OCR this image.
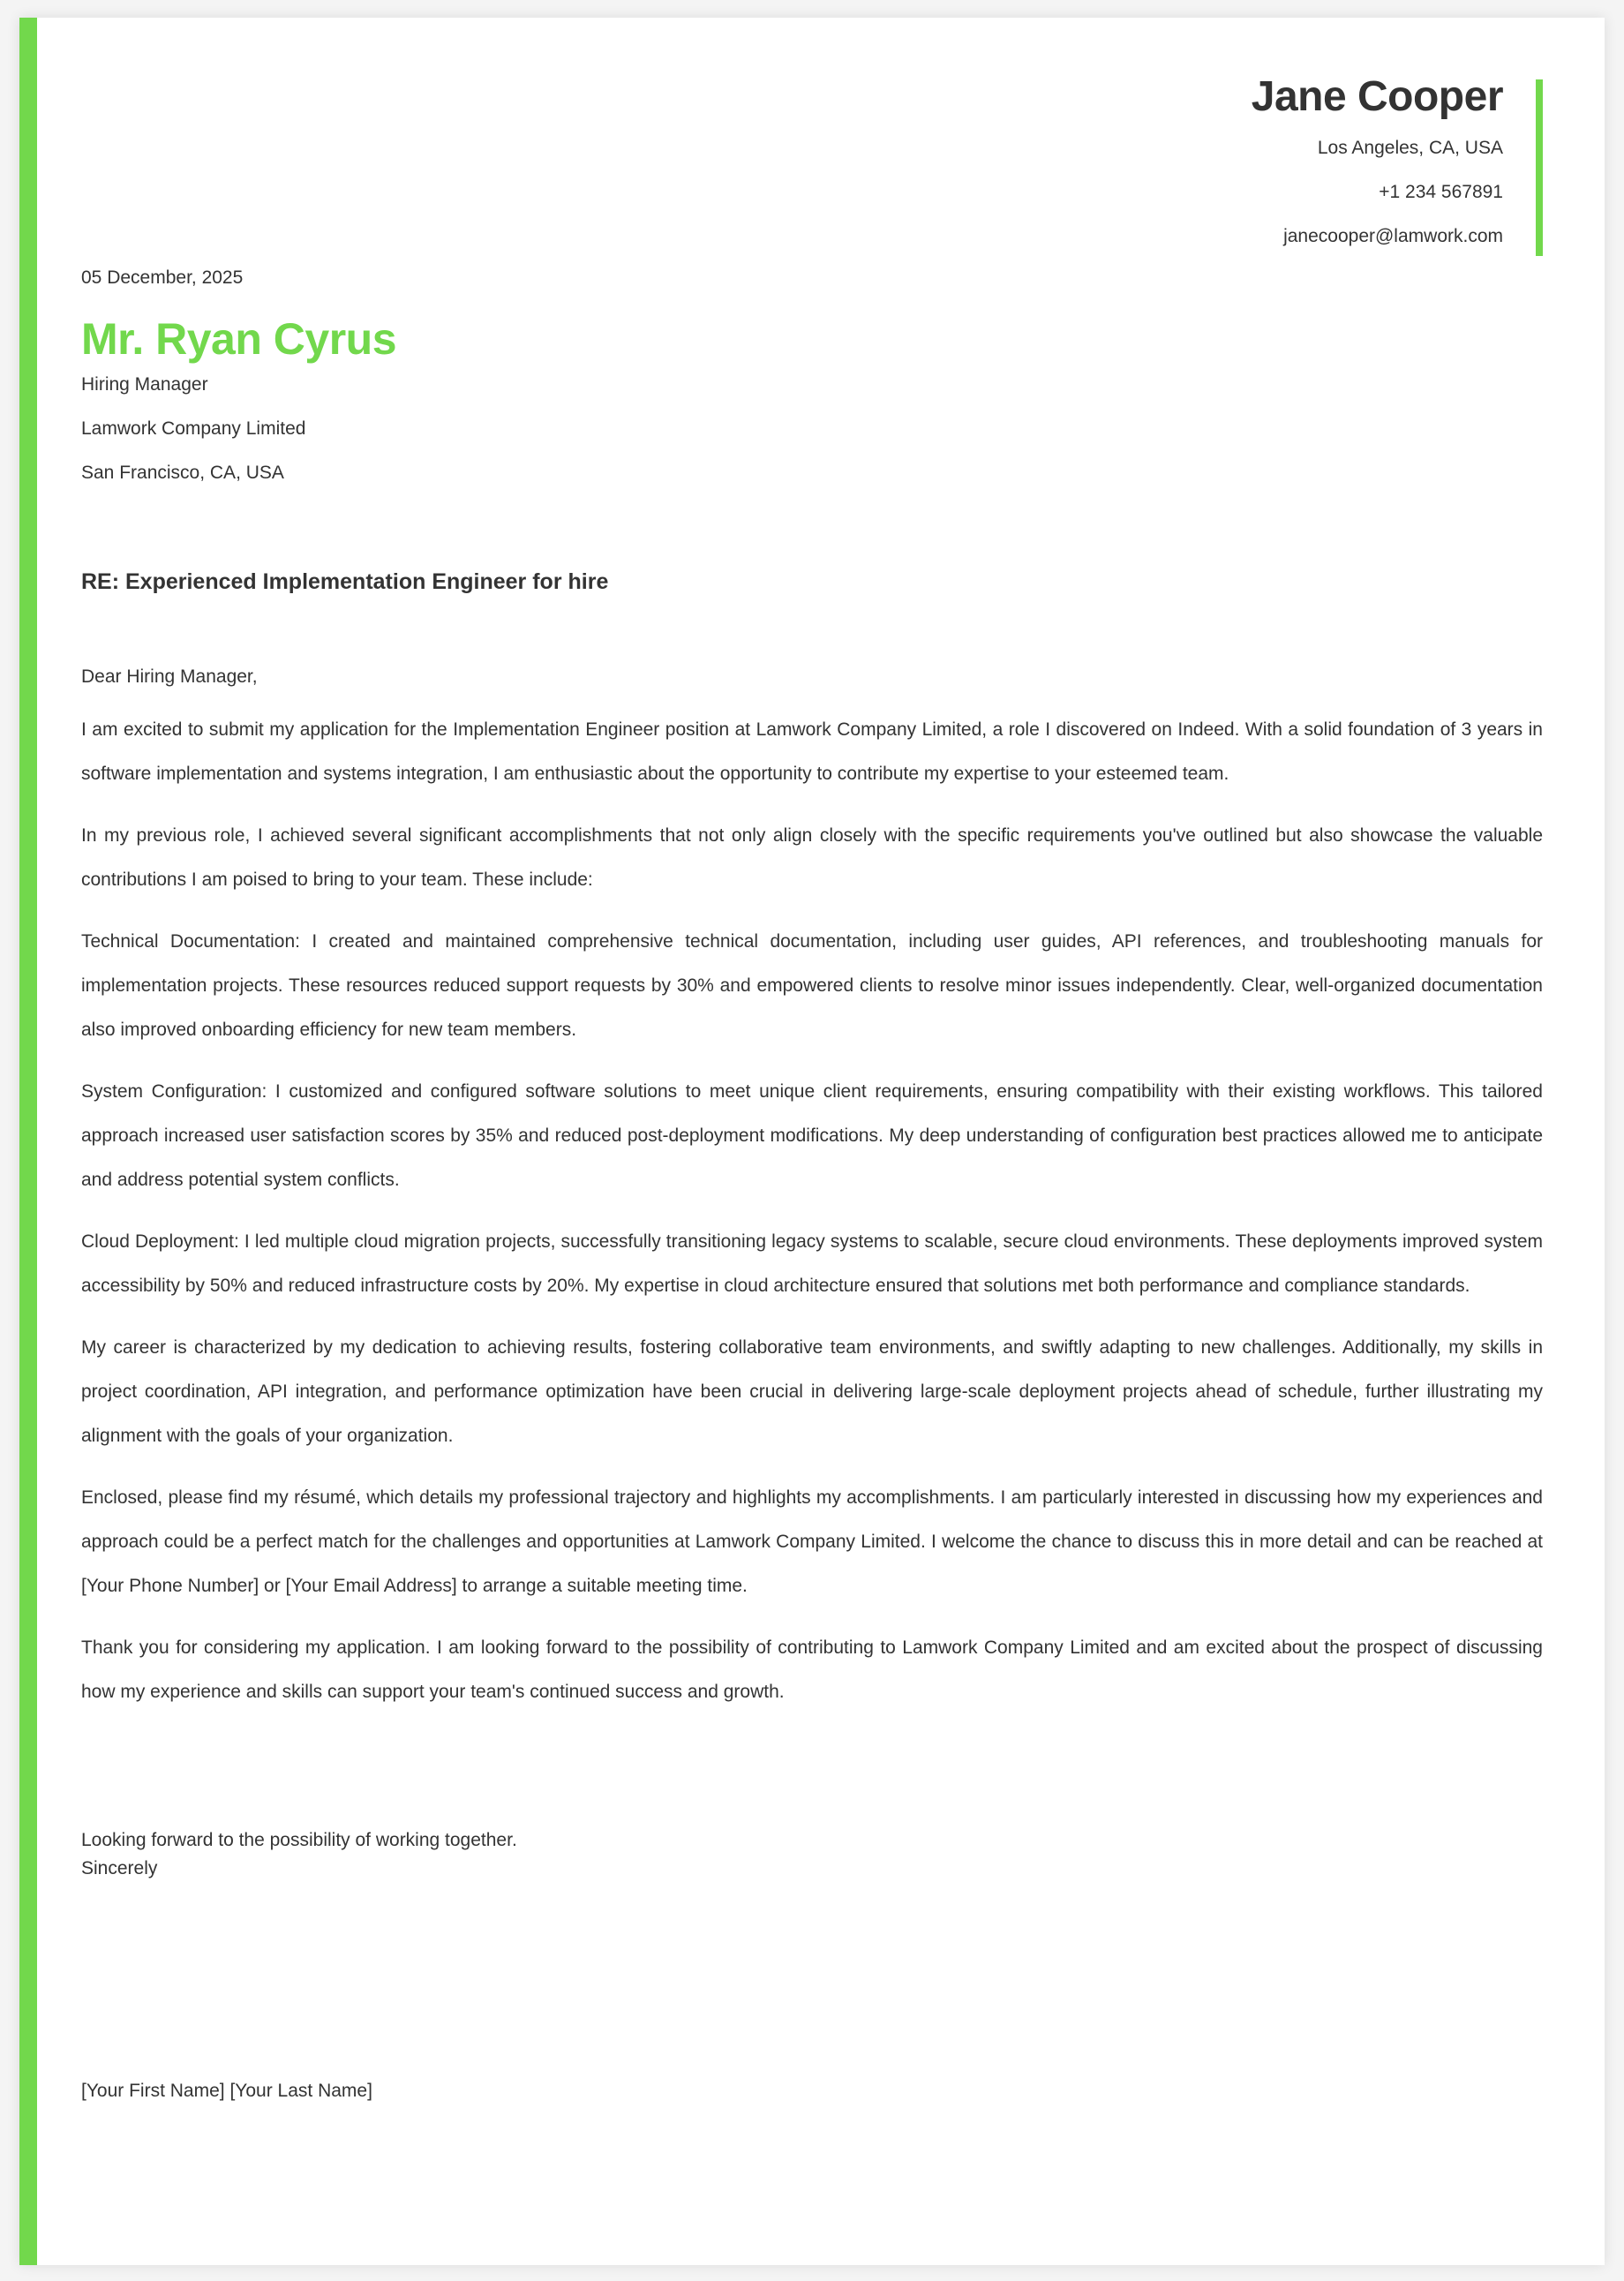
Jane Cooper
Los Angeles, CA, USA
+1 234 567891
janecooper@lamwork.com
05 December, 2025
Mr. Ryan Cyrus
Hiring Manager
Lamwork Company Limited
San Francisco, CA, USA
RE: Experienced Implementation Engineer for hire

Dear Hiring Manager,

I am excited to submit my application for the Implementation Engineer position at Lamwork Company Limited, a role I discovered on Indeed. With a solid foundation of 3 years in software implementation and systems integration, I am enthusiastic about the opportunity to contribute my expertise to your esteemed team.

In my previous role, I achieved several significant accomplishments that not only align closely with the specific requirements you've outlined but also showcase the valuable contributions I am poised to bring to your team. These include:

Technical Documentation: I created and maintained comprehensive technical documentation, including user guides, API references, and troubleshooting manuals for implementation projects. These resources reduced support requests by 30% and empowered clients to resolve minor issues independently. Clear, well-organized documentation also improved onboarding efficiency for new team members.

System Configuration: I customized and configured software solutions to meet unique client requirements, ensuring compatibility with their existing workflows. This tailored approach increased user satisfaction scores by 35% and reduced post-deployment modifications. My deep understanding of configuration best practices allowed me to anticipate and address potential system conflicts.

Cloud Deployment: I led multiple cloud migration projects, successfully transitioning legacy systems to scalable, secure cloud environments. These deployments improved system accessibility by 50% and reduced infrastructure costs by 20%. My expertise in cloud architecture ensured that solutions met both performance and compliance standards.

My career is characterized by my dedication to achieving results, fostering collaborative team environments, and swiftly adapting to new challenges. Additionally, my skills in project coordination, API integration, and performance optimization have been crucial in delivering large-scale deployment projects ahead of schedule, further illustrating my alignment with the goals of your organization.

Enclosed, please find my résumé, which details my professional trajectory and highlights my accomplishments. I am particularly interested in discussing how my experiences and approach could be a perfect match for the challenges and opportunities at Lamwork Company Limited. I welcome the chance to discuss this in more detail and can be reached at [Your Phone Number] or [Your Email Address] to arrange a suitable meeting time.

Thank you for considering my application. I am looking forward to the possibility of contributing to Lamwork Company Limited and am excited about the prospect of discussing how my experience and skills can support your team's continued success and growth.

Looking forward to the possibility of working together.
Sincerely
[Your First Name] [Your Last Name]
